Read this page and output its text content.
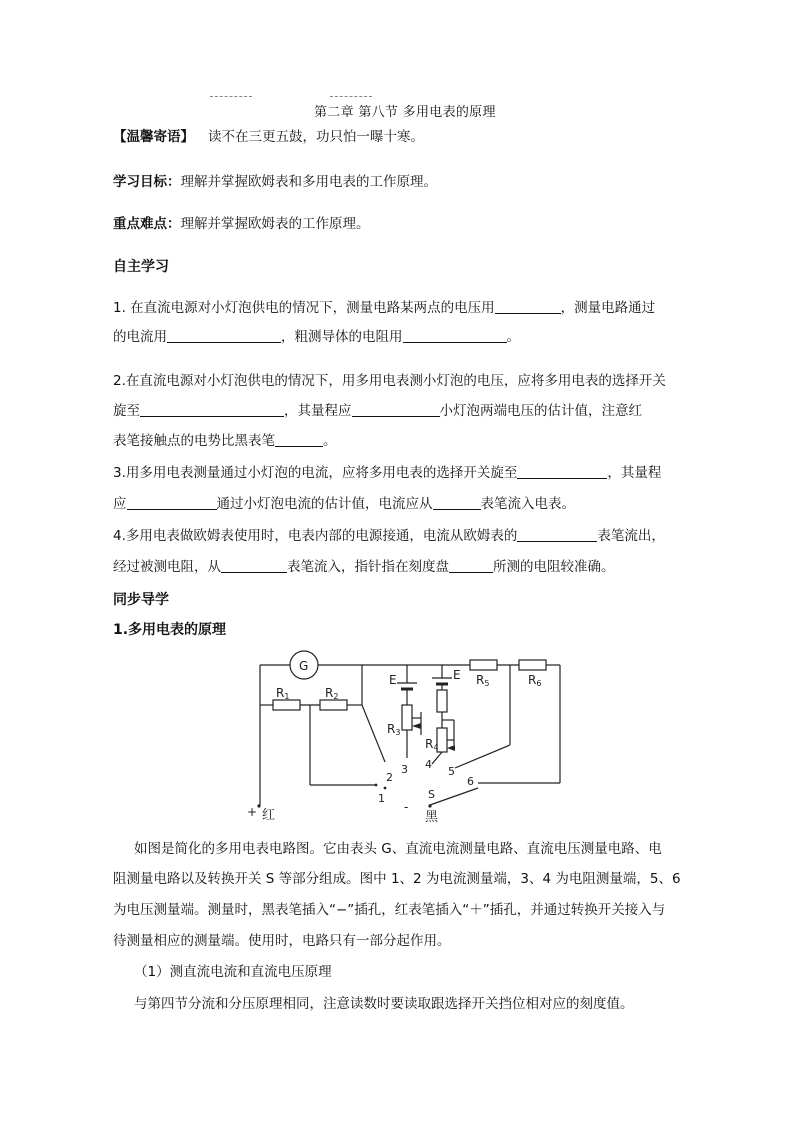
第二章 第八节 多用电表的原理
【温馨寄语】 读不在三更五鼓，功只怕一曝十寒。
学习目标：理解并掌握欧姆表和多用电表的工作原理。
重点难点：理解并掌握欧姆表的工作原理。
自主学习
1. 在直流电源对小灯泡供电的情况下，测量电路某两点的电压用	，测量电路通过
的电流用	，粗测导体的电阻用	。
2.在直流电源对小灯泡供电的情况下，用多用电表测小灯泡的电压，应将多用电表的选择开关
旋至	，其量程应	小灯泡两端电压的估计值，注意红
表笔接触点的电势比黑表笔	。
3.用多用电表测量通过小灯泡的电流，应将多用电表的选择开关旋至	，其量程
应	通过小灯泡电流的估计值，电流应从	表笔流入电表。
4.多用电表做欧姆表使用时，电表内部的电源接通，电流从欧姆表的	表笔流出，
经过被测电阻，从	表笔流入，指针指在刻度盘	所测的电阻较准确。
同步导学
1.多用电表的原理
G
R1	R2
R3
R4
R5	R6
E	E
1
2
3 4
5
6
S
+ 红
-
黑
如图是简化的多用电表电路图。它由表头 G、直流电流测量电路、直流电压测量电路、电
阻测量电路以及转换开关 S 等部分组成。图中 1、2 为电流测量端，3、4 为电阻测量端，5、6
为电压测量端。测量时，黑表笔插入“−”插孔，红表笔插入“＋”插孔，并通过转换开关接入与
待测量相应的测量端。使用时，电路只有一部分起作用。
（1）测直流电流和直流电压原理
与第四节分流和分压原理相同，注意读数时要读取跟选择开关挡位相对应的刻度值。
